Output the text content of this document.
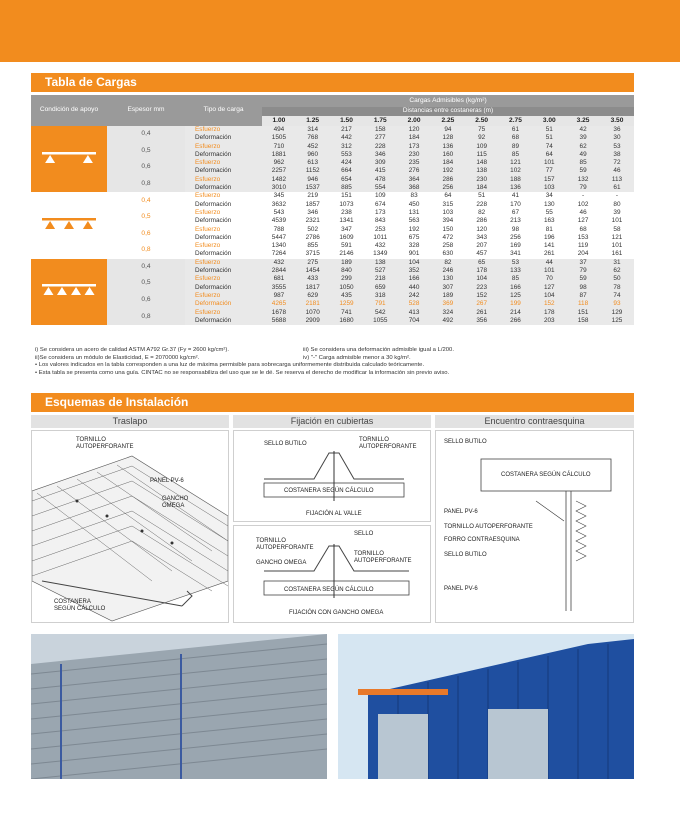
Tabla de Cargas
Condición de apoyo	Espesor mm	Tipo de carga	Cargas Admisibles (kg/m²)										
			Distancias entre costaneras (m)										
			1.00	1.25	1.50	1.75	2.00	2.25	2.50	2.75	3.00	3.25	3.50
	0,4	Esfuerzo	494	314	217	158	120	94	75	61	51	42	36
		Deformación	1505	768	442	277	184	128	92	68	51	39	30
	0,5	Esfuerzo	710	452	312	228	173	136	109	89	74	62	53
		Deformación	1881	960	553	346	230	160	115	85	64	49	38
	0,6	Esfuerzo	962	613	424	309	235	184	148	121	101	85	72
		Deformación	2257	1152	664	415	276	192	138	102	77	59	46
	0,8	Esfuerzo	1482	946	654	478	364	286	230	188	157	132	113
		Deformación	3010	1537	885	554	368	256	184	136	103	79	61
	0,4	Esfuerzo	345	219	151	109	83	64	51	41	34	-	-
		Deformación	3632	1857	1073	674	450	315	228	170	130	102	80
	0,5	Esfuerzo	543	346	238	173	131	103	82	67	55	46	39
		Deformación	4539	2321	1341	843	563	394	286	213	163	127	101
	0,6	Esfuerzo	788	502	347	253	192	150	120	98	81	68	58
		Deformación	5447	2786	1609	1011	675	472	343	256	196	153	121
	0,8	Esfuerzo	1340	855	591	432	328	258	207	169	141	119	101
		Deformación	7264	3715	2146	1349	901	630	457	341	261	204	161
	0,4	Esfuerzo	432	275	189	138	104	82	65	53	44	37	31
		Deformación	2844	1454	840	527	352	246	178	133	101	79	62
	0,5	Esfuerzo	681	433	299	218	166	130	104	85	70	59	50
		Deformación	3555	1817	1050	659	440	307	223	166	127	98	78
	0,6	Esfuerzo	987	629	435	318	242	189	152	125	104	87	74
		Deformación	4265	2181	1259	791	528	369	267	199	152	118	93
	0,8	Esfuerzo	1678	1070	741	542	413	324	261	214	178	151	129
		Deformación	5688	2909	1680	1055	704	492	356	266	203	158	125
i) Se considera un acero de calidad ASTM A792 Gr.37 (Fy = 2600 kg/cm²).	iii) Se considera una deformación admisible igual a L/200.
ii)Se considera un módulo de Elasticidad, E = 2070000 kg/cm².	iv) "-" Carga admisible menor a 30 kg/m².
• Los valores indicados en la tabla corresponden a una luz de máxima permisible para sobrecarga uniformemente distribuida calculado teóricamente.
• Esta tabla se presenta como una guía. CINTAC no se responsabiliza del uso que se le dé. Se reserva el derecho de modificar la información sin previo aviso.
Esquemas de Instalación
Traslapo	Fijación en cubiertas	Encuentro contraesquina
TORNILLO
AUTOPERFORANTE
PANEL PV-6
GANCHO
OMEGA
COSTANERA
SEGÚN CÁLCULO
SELLO BUTILO
TORNILLO
AUTOPERFORANTE
COSTANERA SEGÚN CÁLCULO
FIJACIÓN AL VALLE
TORNILLO
AUTOPERFORANTE
SELLO
GANCHO OMEGA
TORNILLO
AUTOPERFORANTE
COSTANERA SEGÚN CÁLCULO
FIJACIÓN CON GANCHO OMEGA
SELLO BUTILO
COSTANERA SEGÚN CÁLCULO
PANEL PV-6
TORNILLO AUTOPERFORANTE
FORRO CONTRAESQUINA
SELLO BUTILO
PANEL PV-6
